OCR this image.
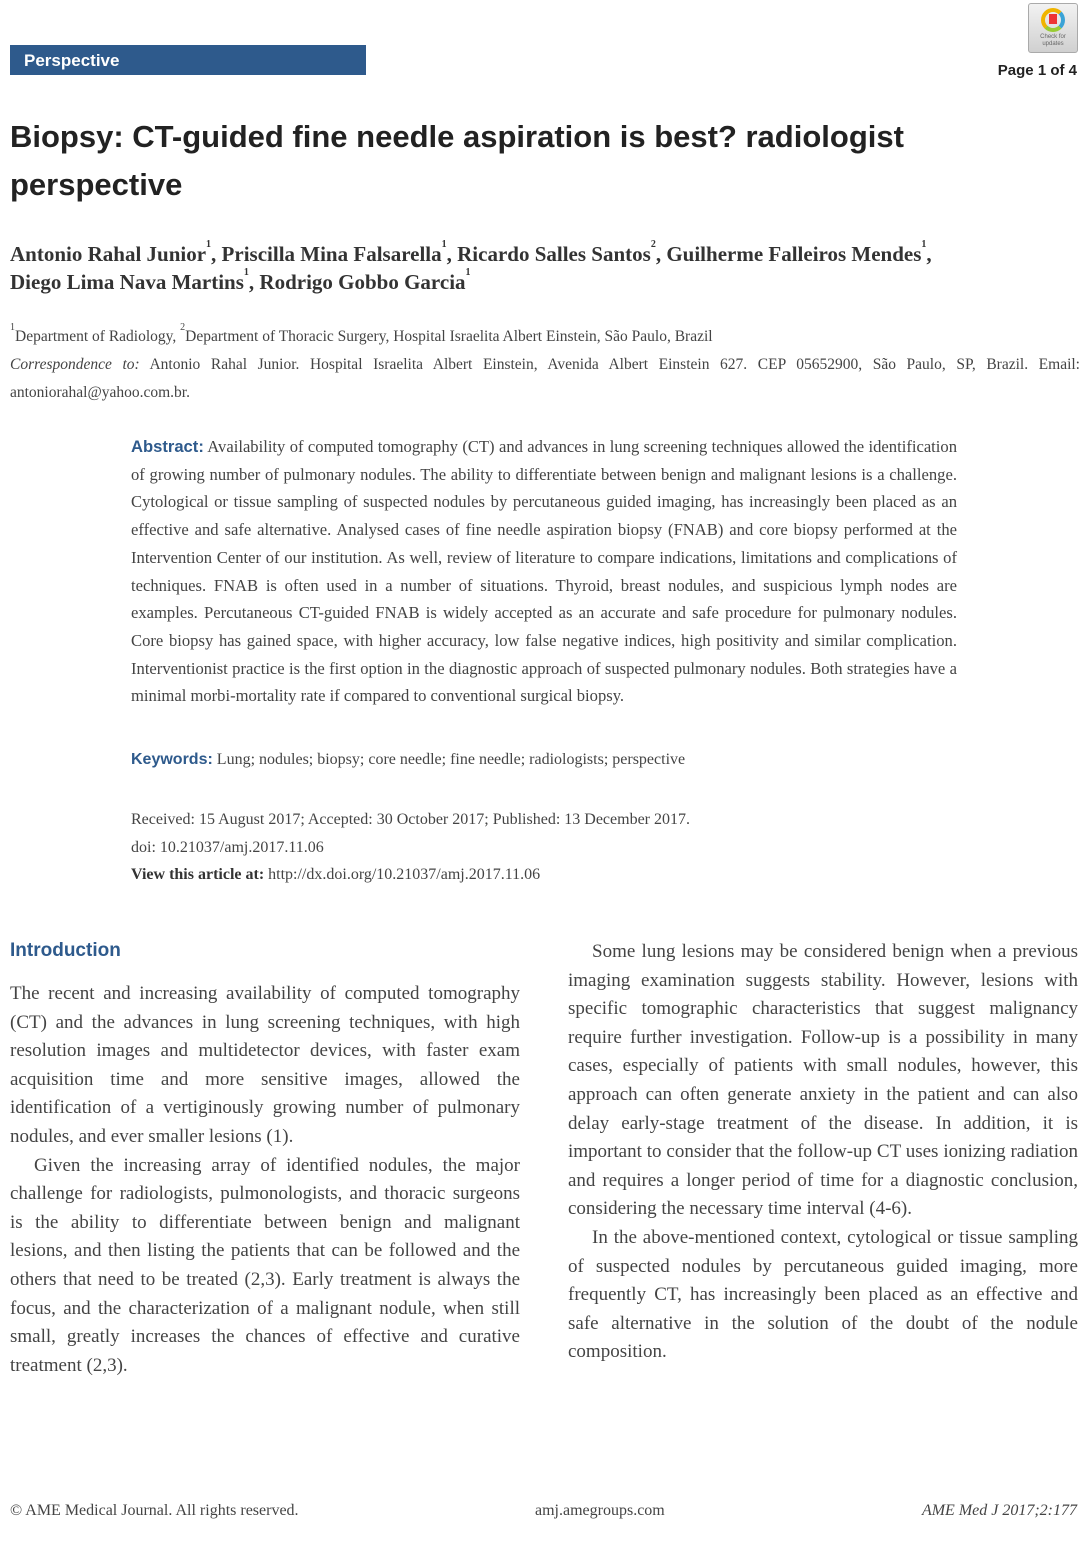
Perspective
Check for updates
Page 1 of 4
Biopsy: CT-guided fine needle aspiration is best? radiologist perspective
Antonio Rahal Junior$^1$, Priscilla Mina Falsarella$^1$, Ricardo Salles Santos$^2$, Guilherme Falleiros Mendes$^1$,
Diego Lima Nava Martins$^1$, Rodrigo Gobbo Garcia$^1$
$^1$Department of Radiology, $^2$Department of Thoracic Surgery, Hospital Israelita Albert Einstein, São Paulo, Brazil
Correspondence to: Antonio Rahal Junior. Hospital Israelita Albert Einstein, Avenida Albert Einstein 627. CEP 05652900, São Paulo, SP, Brazil. Email: antoniorahal@yahoo.com.br.
Abstract: Availability of computed tomography (CT) and advances in lung screening techniques allowed the identification of growing number of pulmonary nodules. The ability to differentiate between benign and malignant lesions is a challenge. Cytological or tissue sampling of suspected nodules by percutaneous guided imaging, has increasingly been placed as an effective and safe alternative. Analysed cases of fine needle aspiration biopsy (FNAB) and core biopsy performed at the Intervention Center of our institution. As well, review of literature to compare indications, limitations and complications of techniques. FNAB is often used in a number of situations. Thyroid, breast nodules, and suspicious lymph nodes are examples. Percutaneous CT-guided FNAB is widely accepted as an accurate and safe procedure for pulmonary nodules. Core biopsy has gained space, with higher accuracy, low false negative indices, high positivity and similar complication. Interventionist practice is the first option in the diagnostic approach of suspected pulmonary nodules. Both strategies have a minimal morbi-mortality rate if compared to conventional surgical biopsy.
Keywords: Lung; nodules; biopsy; core needle; fine needle; radiologists; perspective
Received: 15 August 2017; Accepted: 30 October 2017; Published: 13 December 2017.
doi: 10.21037/amj.2017.11.06
View this article at: http://dx.doi.org/10.21037/amj.2017.11.06
Introduction

The recent and increasing availability of computed tomography (CT) and the advances in lung screening techniques, with high resolution images and multidetector devices, with faster exam acquisition time and more sensitive images, allowed the identification of a vertiginously growing number of pulmonary nodules, and ever smaller lesions (1).

Given the increasing array of identified nodules, the major challenge for radiologists, pulmonologists, and thoracic surgeons is the ability to differentiate between benign and malignant lesions, and then listing the patients that can be followed and the others that need to be treated (2,3). Early treatment is always the focus, and the characterization of a malignant nodule, when still small, greatly increases the chances of effective and curative treatment (2,3).

Some lung lesions may be considered benign when a previous imaging examination suggests stability. However, lesions with specific tomographic characteristics that suggest malignancy require further investigation. Follow-up is a possibility in many cases, especially of patients with small nodules, however, this approach can often generate anxiety in the patient and can also delay early-stage treatment of the disease. In addition, it is important to consider that the follow-up CT uses ionizing radiation and requires a longer period of time for a diagnostic conclusion, considering the necessary time interval (4-6).

In the above-mentioned context, cytological or tissue sampling of suspected nodules by percutaneous guided imaging, more frequently CT, has increasingly been placed as an effective and safe alternative in the solution of the doubt of the nodule composition.

© AME Medical Journal. All rights reserved.	amj.amegroups.com	AME Med J 2017;2:177
